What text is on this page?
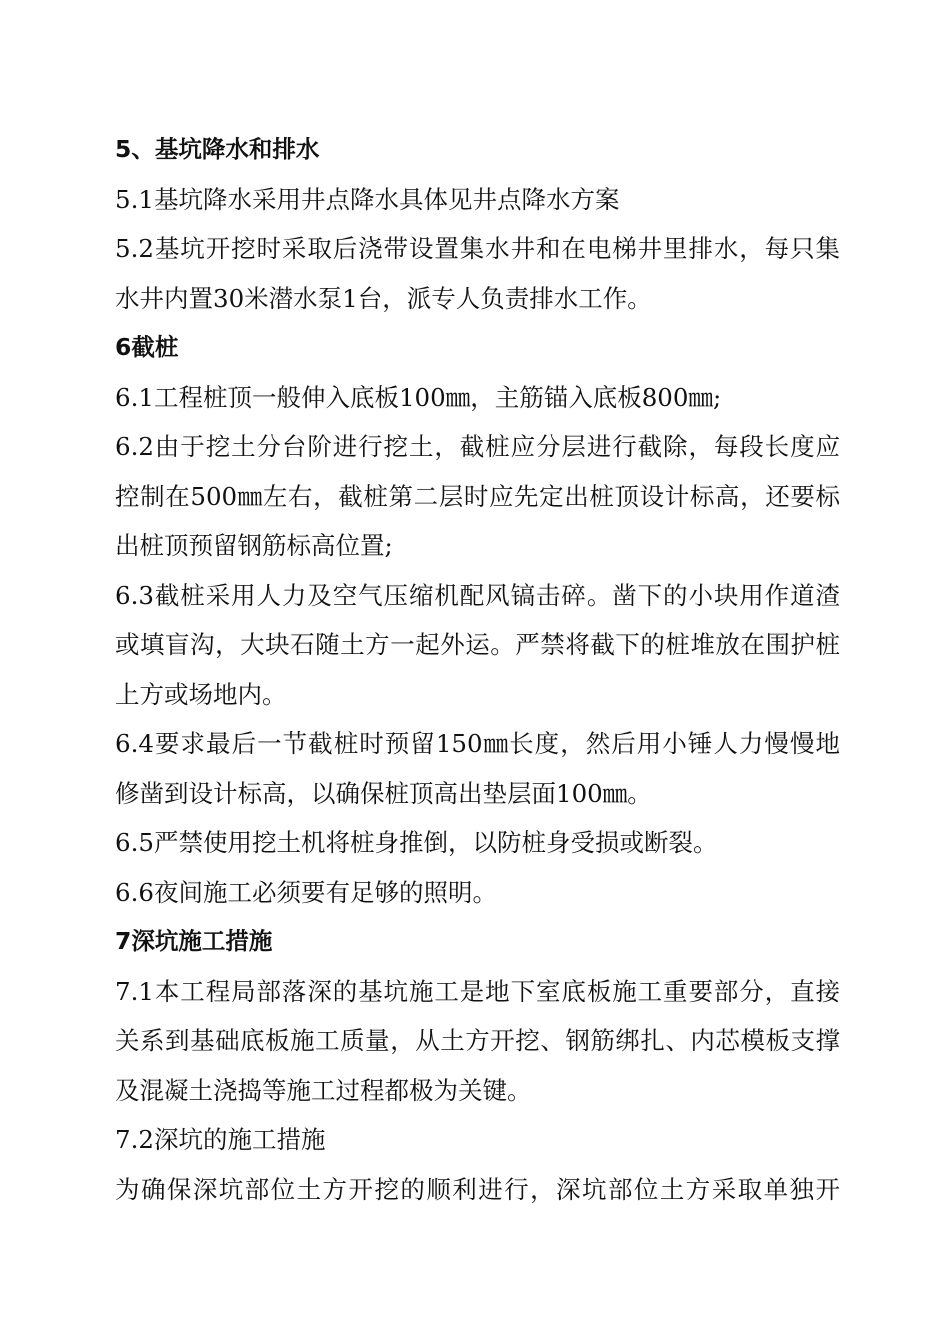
5、基坑降水和排水
5.1基坑降水采用井点降水具体见井点降水方案
5.2基坑开挖时采取后浇带设置集水井和在电梯井里排水，每只集
水井内置30米潜水泵1台，派专人负责排水工作。
6截桩
6.1工程桩顶一般伸入底板100㎜，主筋锚入底板800㎜;
6.2由于挖土分台阶进行挖土，截桩应分层进行截除，每段长度应
控制在500㎜左右，截桩第二层时应先定出桩顶设计标高，还要标
出桩顶预留钢筋标高位置;
6.3截桩采用人力及空气压缩机配风镐击碎。凿下的小块用作道渣
或填盲沟，大块石随土方一起外运。严禁将截下的桩堆放在围护桩
上方或场地内。
6.4要求最后一节截桩时预留150㎜长度，然后用小锤人力慢慢地
修凿到设计标高，以确保桩顶高出垫层面100㎜。
6.5严禁使用挖土机将桩身推倒，以防桩身受损或断裂。
6.6夜间施工必须要有足够的照明。
7深坑施工措施
7.1本工程局部落深的基坑施工是地下室底板施工重要部分，直接
关系到基础底板施工质量，从土方开挖、钢筋绑扎、内芯模板支撑
及混凝土浇捣等施工过程都极为关键。
7.2深坑的施工措施
为确保深坑部位土方开挖的顺利进行，深坑部位土方采取单独开
